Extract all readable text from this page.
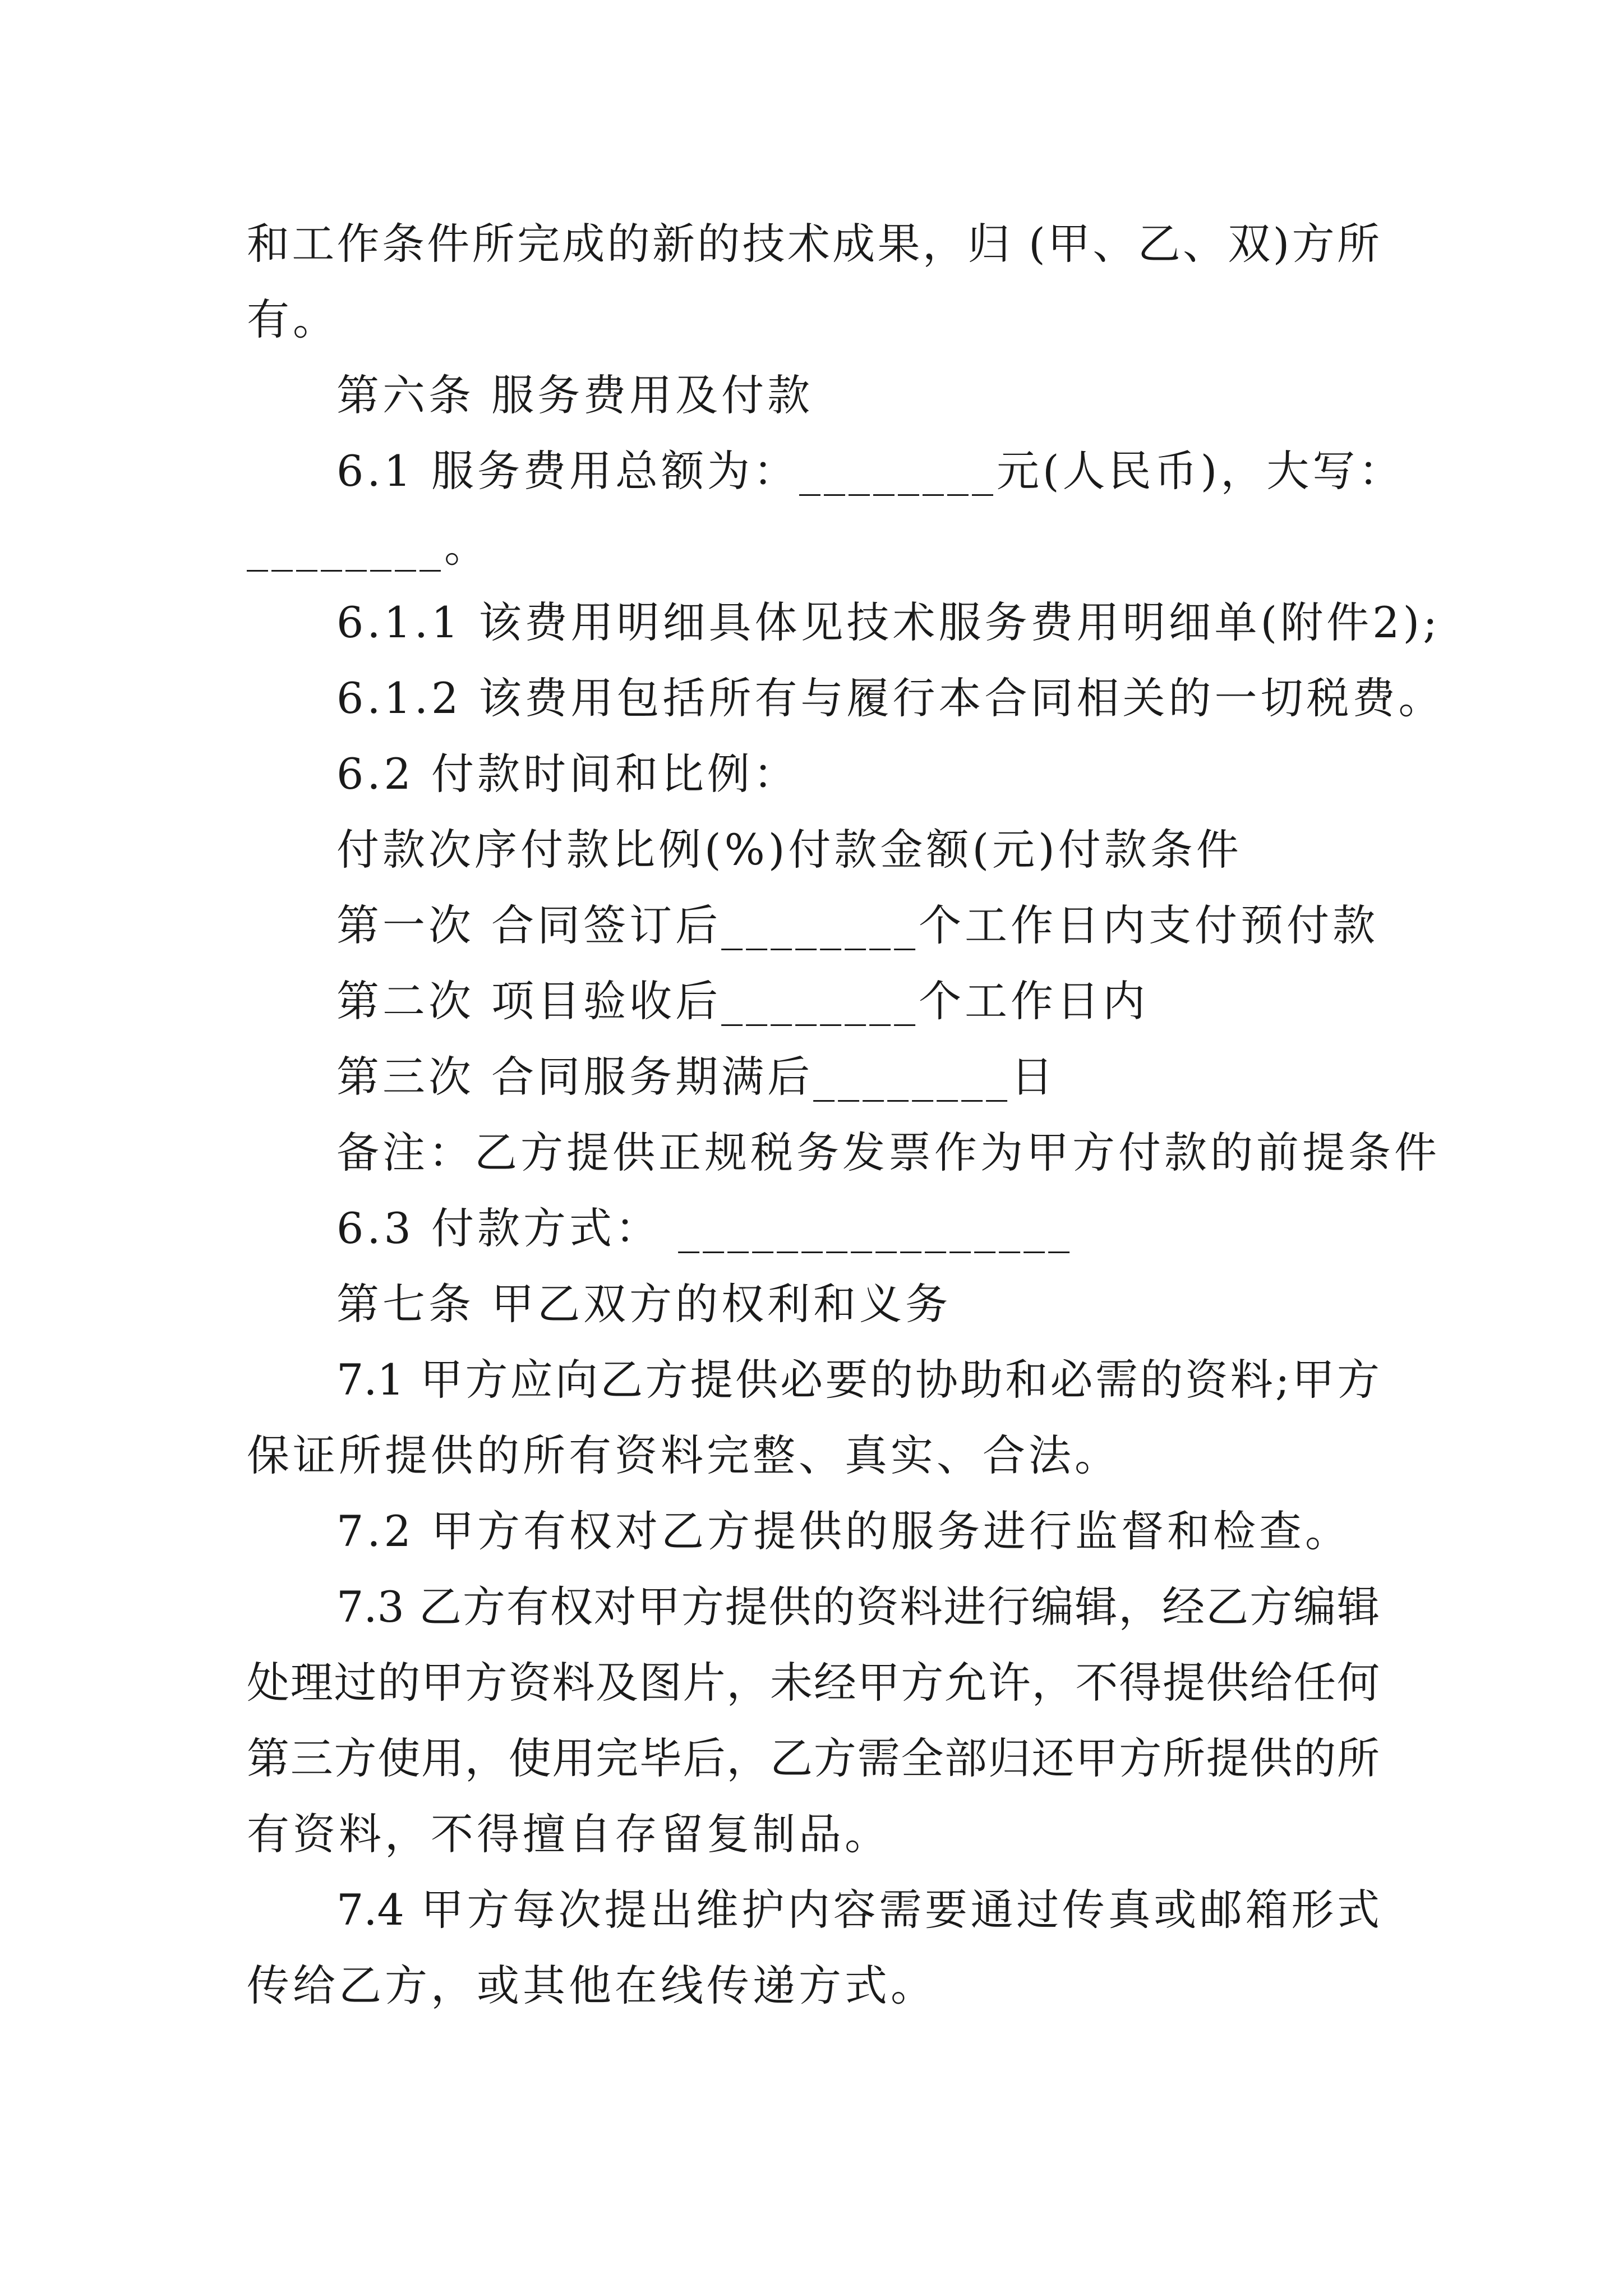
和工作条件所完成的新的技术成果，归 (甲、乙、双)方所

有。

第六条 服务费用及付款

6.1 服务费用总额为：________元(人民币)，大写：

________。

6.1.1 该费用明细具体见技术服务费用明细单(附件2);

6.1.2 该费用包括所有与履行本合同相关的一切税费。

6.2 付款时间和比例：

付款次序付款比例(%)付款金额(元)付款条件

第一次 合同签订后________个工作日内支付预付款

第二次 项目验收后________个工作日内

第三次 合同服务期满后________日

备注：乙方提供正规税务发票作为甲方付款的前提条件

6.3 付款方式： ________________

第七条 甲乙双方的权利和义务

7.1 甲方应向乙方提供必要的协助和必需的资料;甲方

保证所提供的所有资料完整、真实、合法。

7.2 甲方有权对乙方提供的服务进行监督和检查。

7.3 乙方有权对甲方提供的资料进行编辑，经乙方编辑

处理过的甲方资料及图片，未经甲方允许，不得提供给任何

第三方使用，使用完毕后，乙方需全部归还甲方所提供的所

有资料，不得擅自存留复制品。

7.4 甲方每次提出维护内容需要通过传真或邮箱形式

传给乙方，或其他在线传递方式。
